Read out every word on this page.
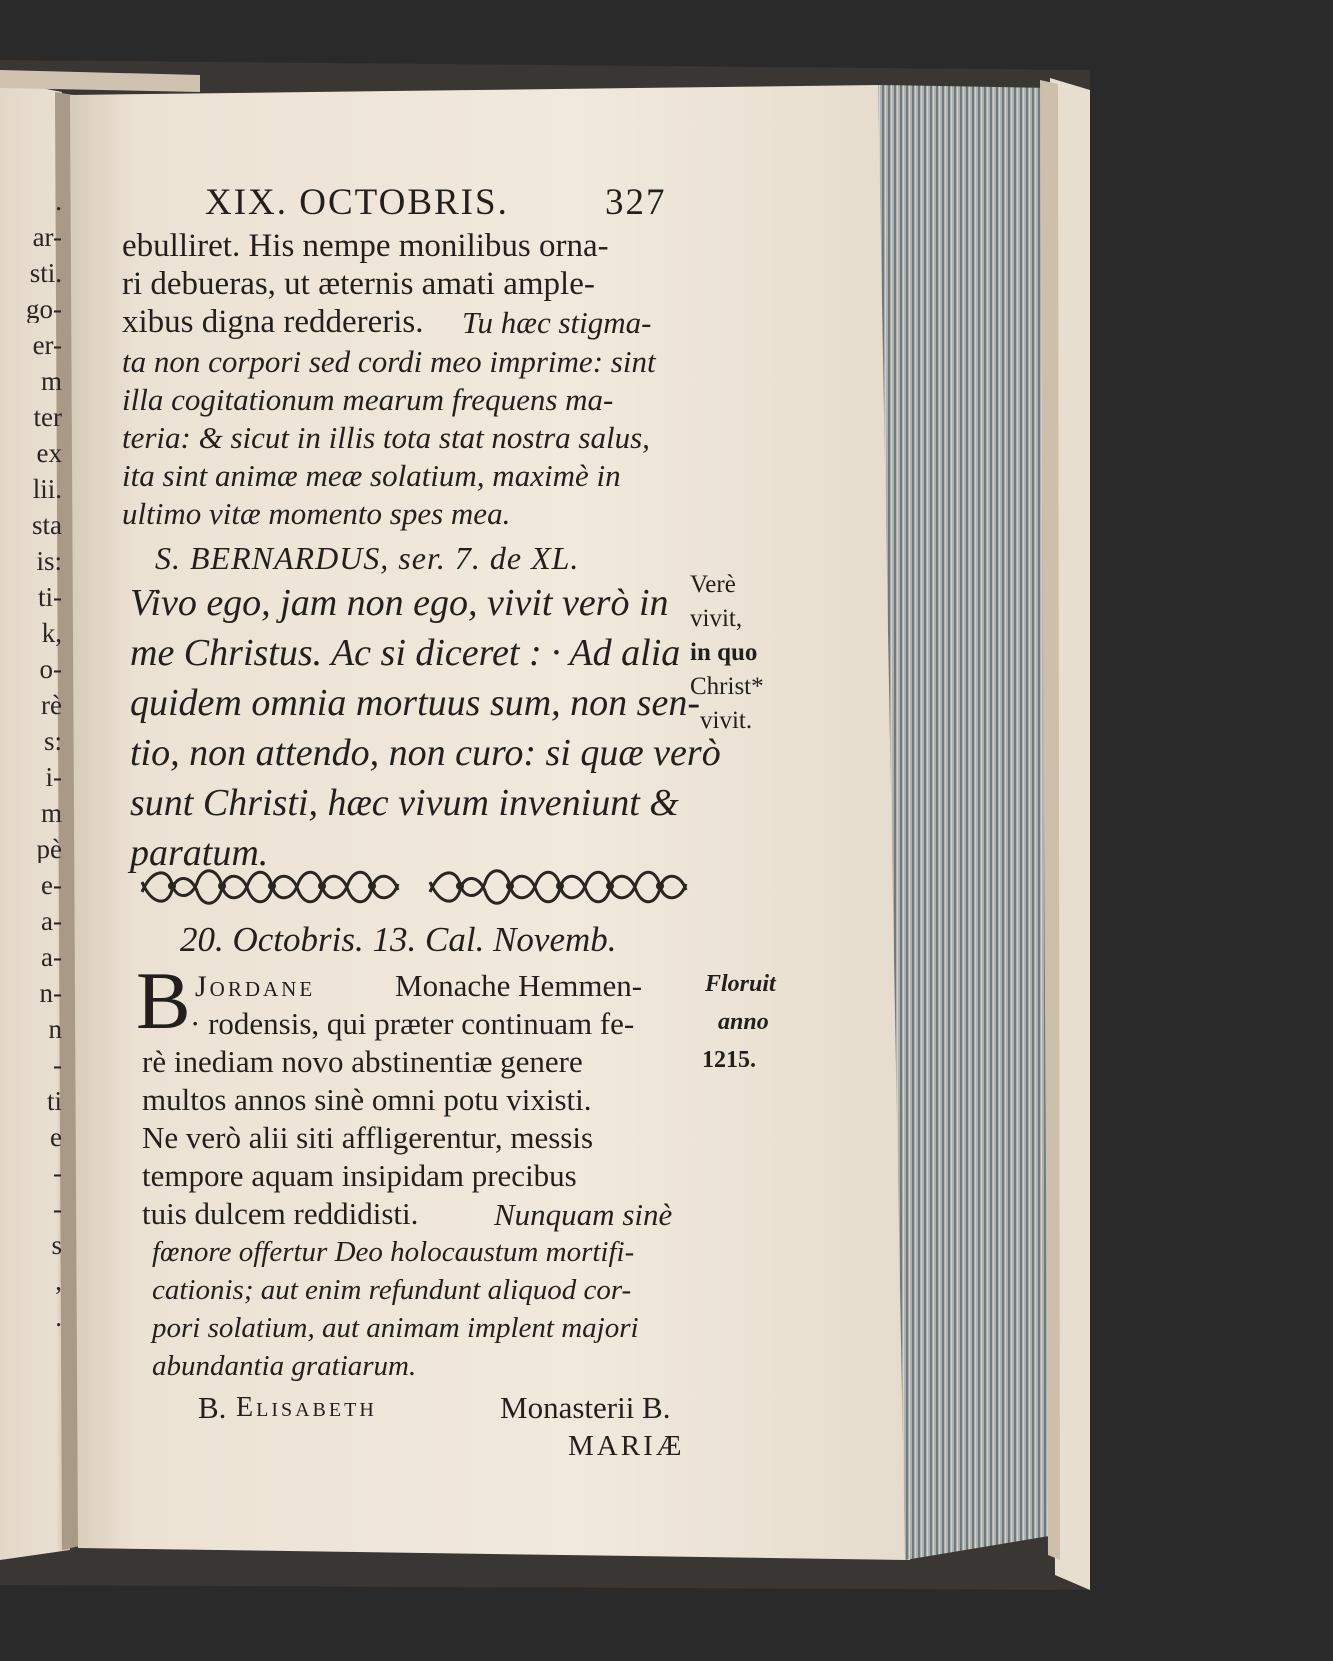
.
ar-
sti.
go-
er-
m
ter
ex
lii.
sta
is:
ti-
k,
o-
rè
s:
i-
m
pè
e-
a-
a-
n-
n
-
ti
e
-
-
s
,
.
XIX. OCTOBRIS.	327
ebulliret. His nempe monilibus orna-
ri debueras, ut æternis amati ample-
xibus digna reddereris. Tu hæc stigma-
ta non corpori sed cordi meo imprime: sint
illa cogitationum mearum frequens ma-
teria: & sicut in illis tota stat nostra salus,
ita sint animæ meæ solatium, maximè in
ultimo vitæ momento spes mea.
S. BERNARDUS, ser. 7. de XL.
Vivo ego, jam non ego, vivit verò in
me Christus. Ac si diceret : · Ad alia
quidem omnia mortuus sum, non sen-
tio, non attendo, non curo: si quæ verò
sunt Christi, hæc vivum inveniunt &
paratum.
Verè
vivit,
in quo
Christ*
vivit.
20. Octobris. 13. Cal. Novemb.
B Jordane	Monache Hemmen-
· rodensis, qui præter continuam fe-
rè inediam novo abstinentiæ genere
multos annos sinè omni potu vixisti.
Ne verò alii siti affligerentur, messis
tempore aquam insipidam precibus
tuis dulcem reddidisti. Nunquam sinè
fœnore offertur Deo holocaustum mortifi-
cationis; aut enim refundunt aliquod cor-
pori solatium, aut animam implent majori
abundantia gratiarum.
B. Elisabeth	Monasterii B.
MARIÆ
Floruit
anno
1215.
